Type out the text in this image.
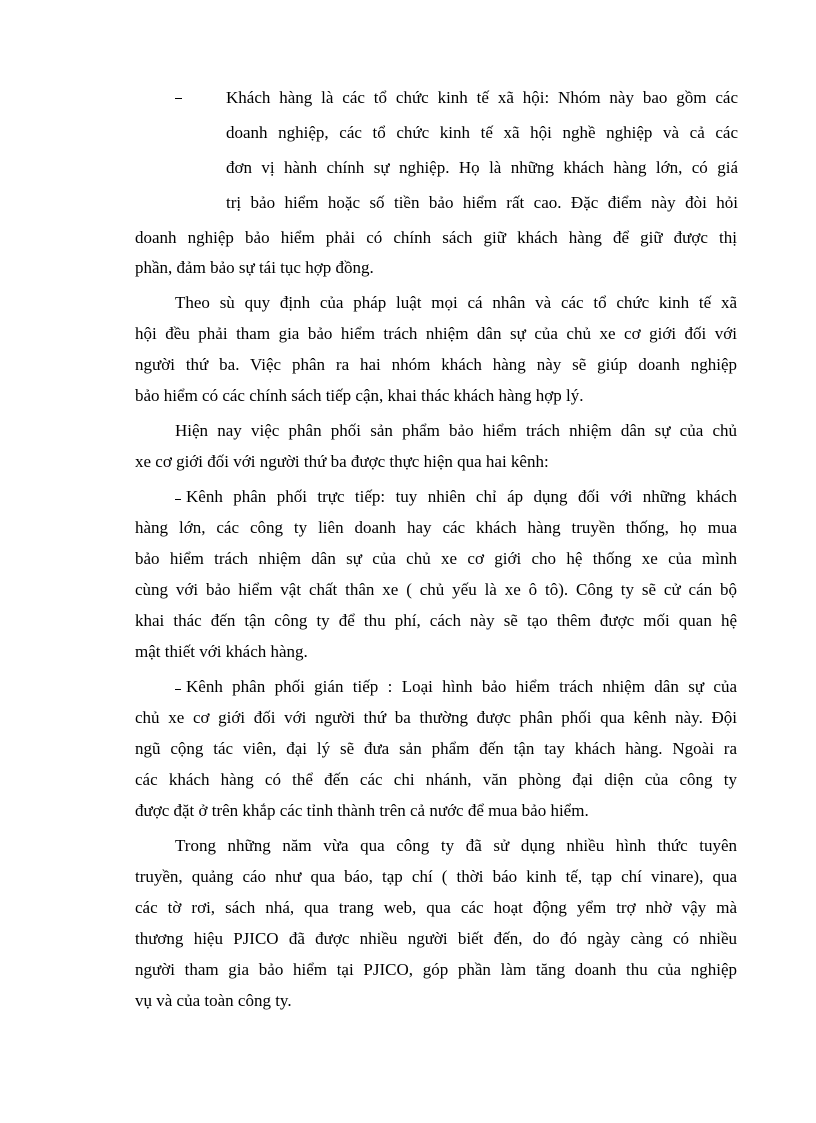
Khách hàng là các tổ chức kinh tế xã hội: Nhóm này bao gồm các
doanh nghiệp, các tổ chức kinh tế xã hội nghề nghiệp và cả các
đơn vị hành chính sự nghiệp. Họ là những khách hàng lớn, có giá
trị bảo hiểm hoặc số tiền bảo hiểm rất cao. Đặc điểm này đòi hỏi
doanh nghiệp bảo hiểm phải có chính sách giữ khách hàng để giữ được thị
phần, đảm bảo sự tái tục hợp đồng.
Theo sù quy định của pháp luật mọi cá nhân và các tổ chức kinh tế xã
hội đều phải tham gia bảo hiểm trách nhiệm dân sự của chủ xe cơ giới đối với
người thứ ba. Việc phân ra hai nhóm khách hàng này sẽ giúp doanh nghiệp
bảo hiểm có các chính sách tiếp cận, khai thác khách hàng hợp lý.
Hiện nay việc phân phối sản phẩm bảo hiểm trách nhiệm dân sự của chủ
xe cơ giới đối với người thứ ba được thực hiện qua hai kênh:
Kênh phân phối trực tiếp: tuy nhiên chỉ áp dụng đối với những khách
hàng lớn, các công ty liên doanh hay các khách hàng truyền thống, họ mua
bảo hiểm trách nhiệm dân sự của chủ xe cơ giới cho hệ thống xe của mình
cùng với bảo hiểm vật chất thân xe ( chủ yếu là xe ô tô). Công ty sẽ cử cán bộ
khai thác đến tận công ty để thu phí, cách này sẽ tạo thêm được mối quan hệ
mật thiết với khách hàng.
Kênh phân phối gián tiếp : Loại hình bảo hiểm trách nhiệm dân sự của
chủ xe cơ giới đối với người thứ ba thường được phân phối qua kênh này. Đội
ngũ cộng tác viên, đại lý sẽ đưa sản phẩm đến tận tay khách hàng. Ngoài ra
các khách hàng có thể đến các chi nhánh, văn phòng đại diện của công ty
được đặt ở trên khắp các tỉnh thành trên cả nước để mua bảo hiểm.
Trong những năm vừa qua công ty đã sử dụng nhiều hình thức tuyên
truyền, quảng cáo như qua báo, tạp chí ( thời báo kinh tế, tạp chí vinare), qua
các tờ rơi, sách nhá, qua trang web, qua các hoạt động yểm trợ nhờ vậy mà
thương hiệu PJICO đã được nhiều người biết đến, do đó ngày càng có nhiều
người tham gia bảo hiểm tại PJICO, góp phần làm tăng doanh thu của nghiệp
vụ và của toàn công ty.
